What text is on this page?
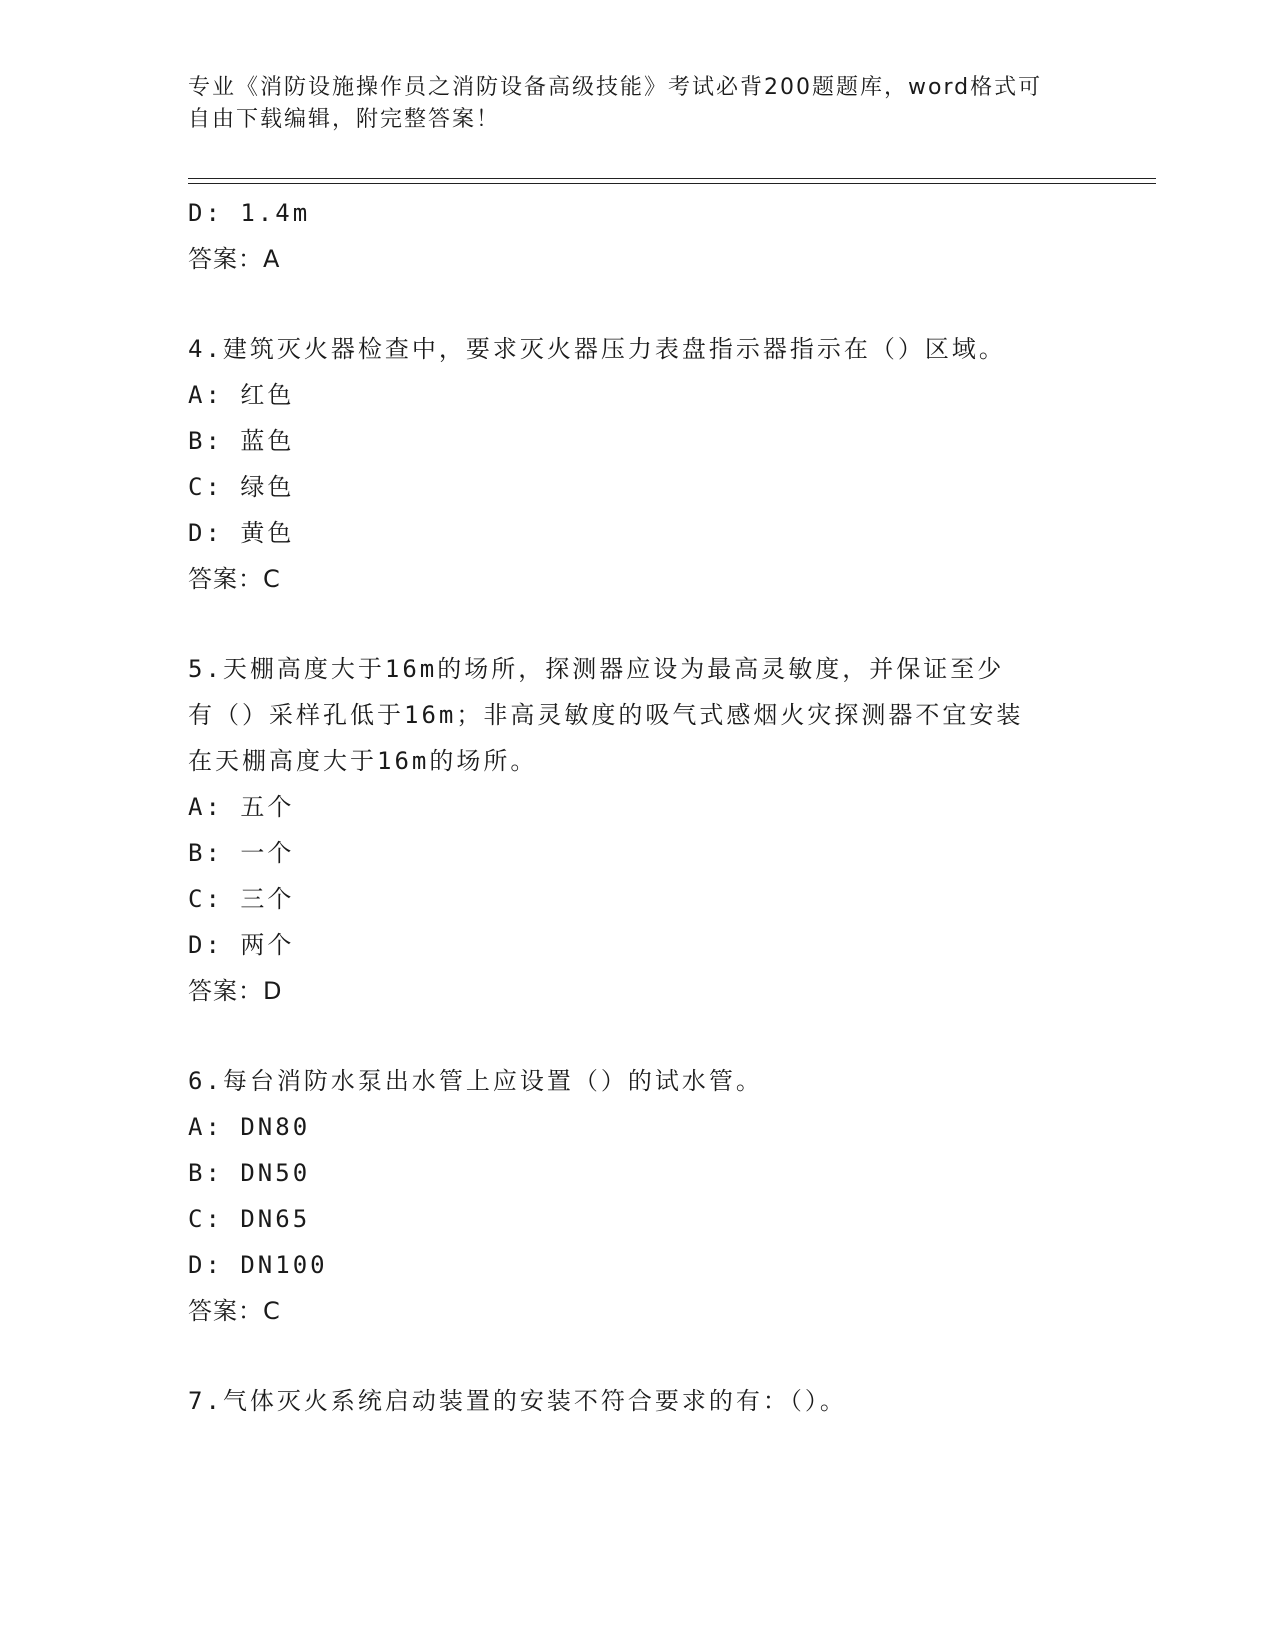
专业《消防设施操作员之消防设备高级技能》考试必背200题题库，word格式可
自由下载编辑，附完整答案！
D: 1.4m
答案：A
4.建筑灭火器检查中，要求灭火器压力表盘指示器指示在（）区域。
A: 红色
B: 蓝色
C: 绿色
D: 黄色
答案：C
5.天棚高度大于16m的场所，探测器应设为最高灵敏度，并保证至少
有（）采样孔低于16m；非高灵敏度的吸气式感烟火灾探测器不宜安装
在天棚高度大于16m的场所。
A: 五个
B: 一个
C: 三个
D: 两个
答案：D
6.每台消防水泵出水管上应设置（）的试水管。
A: DN80
B: DN50
C: DN65
D: DN100
答案：C
7.气体灭火系统启动装置的安装不符合要求的有：（）。
